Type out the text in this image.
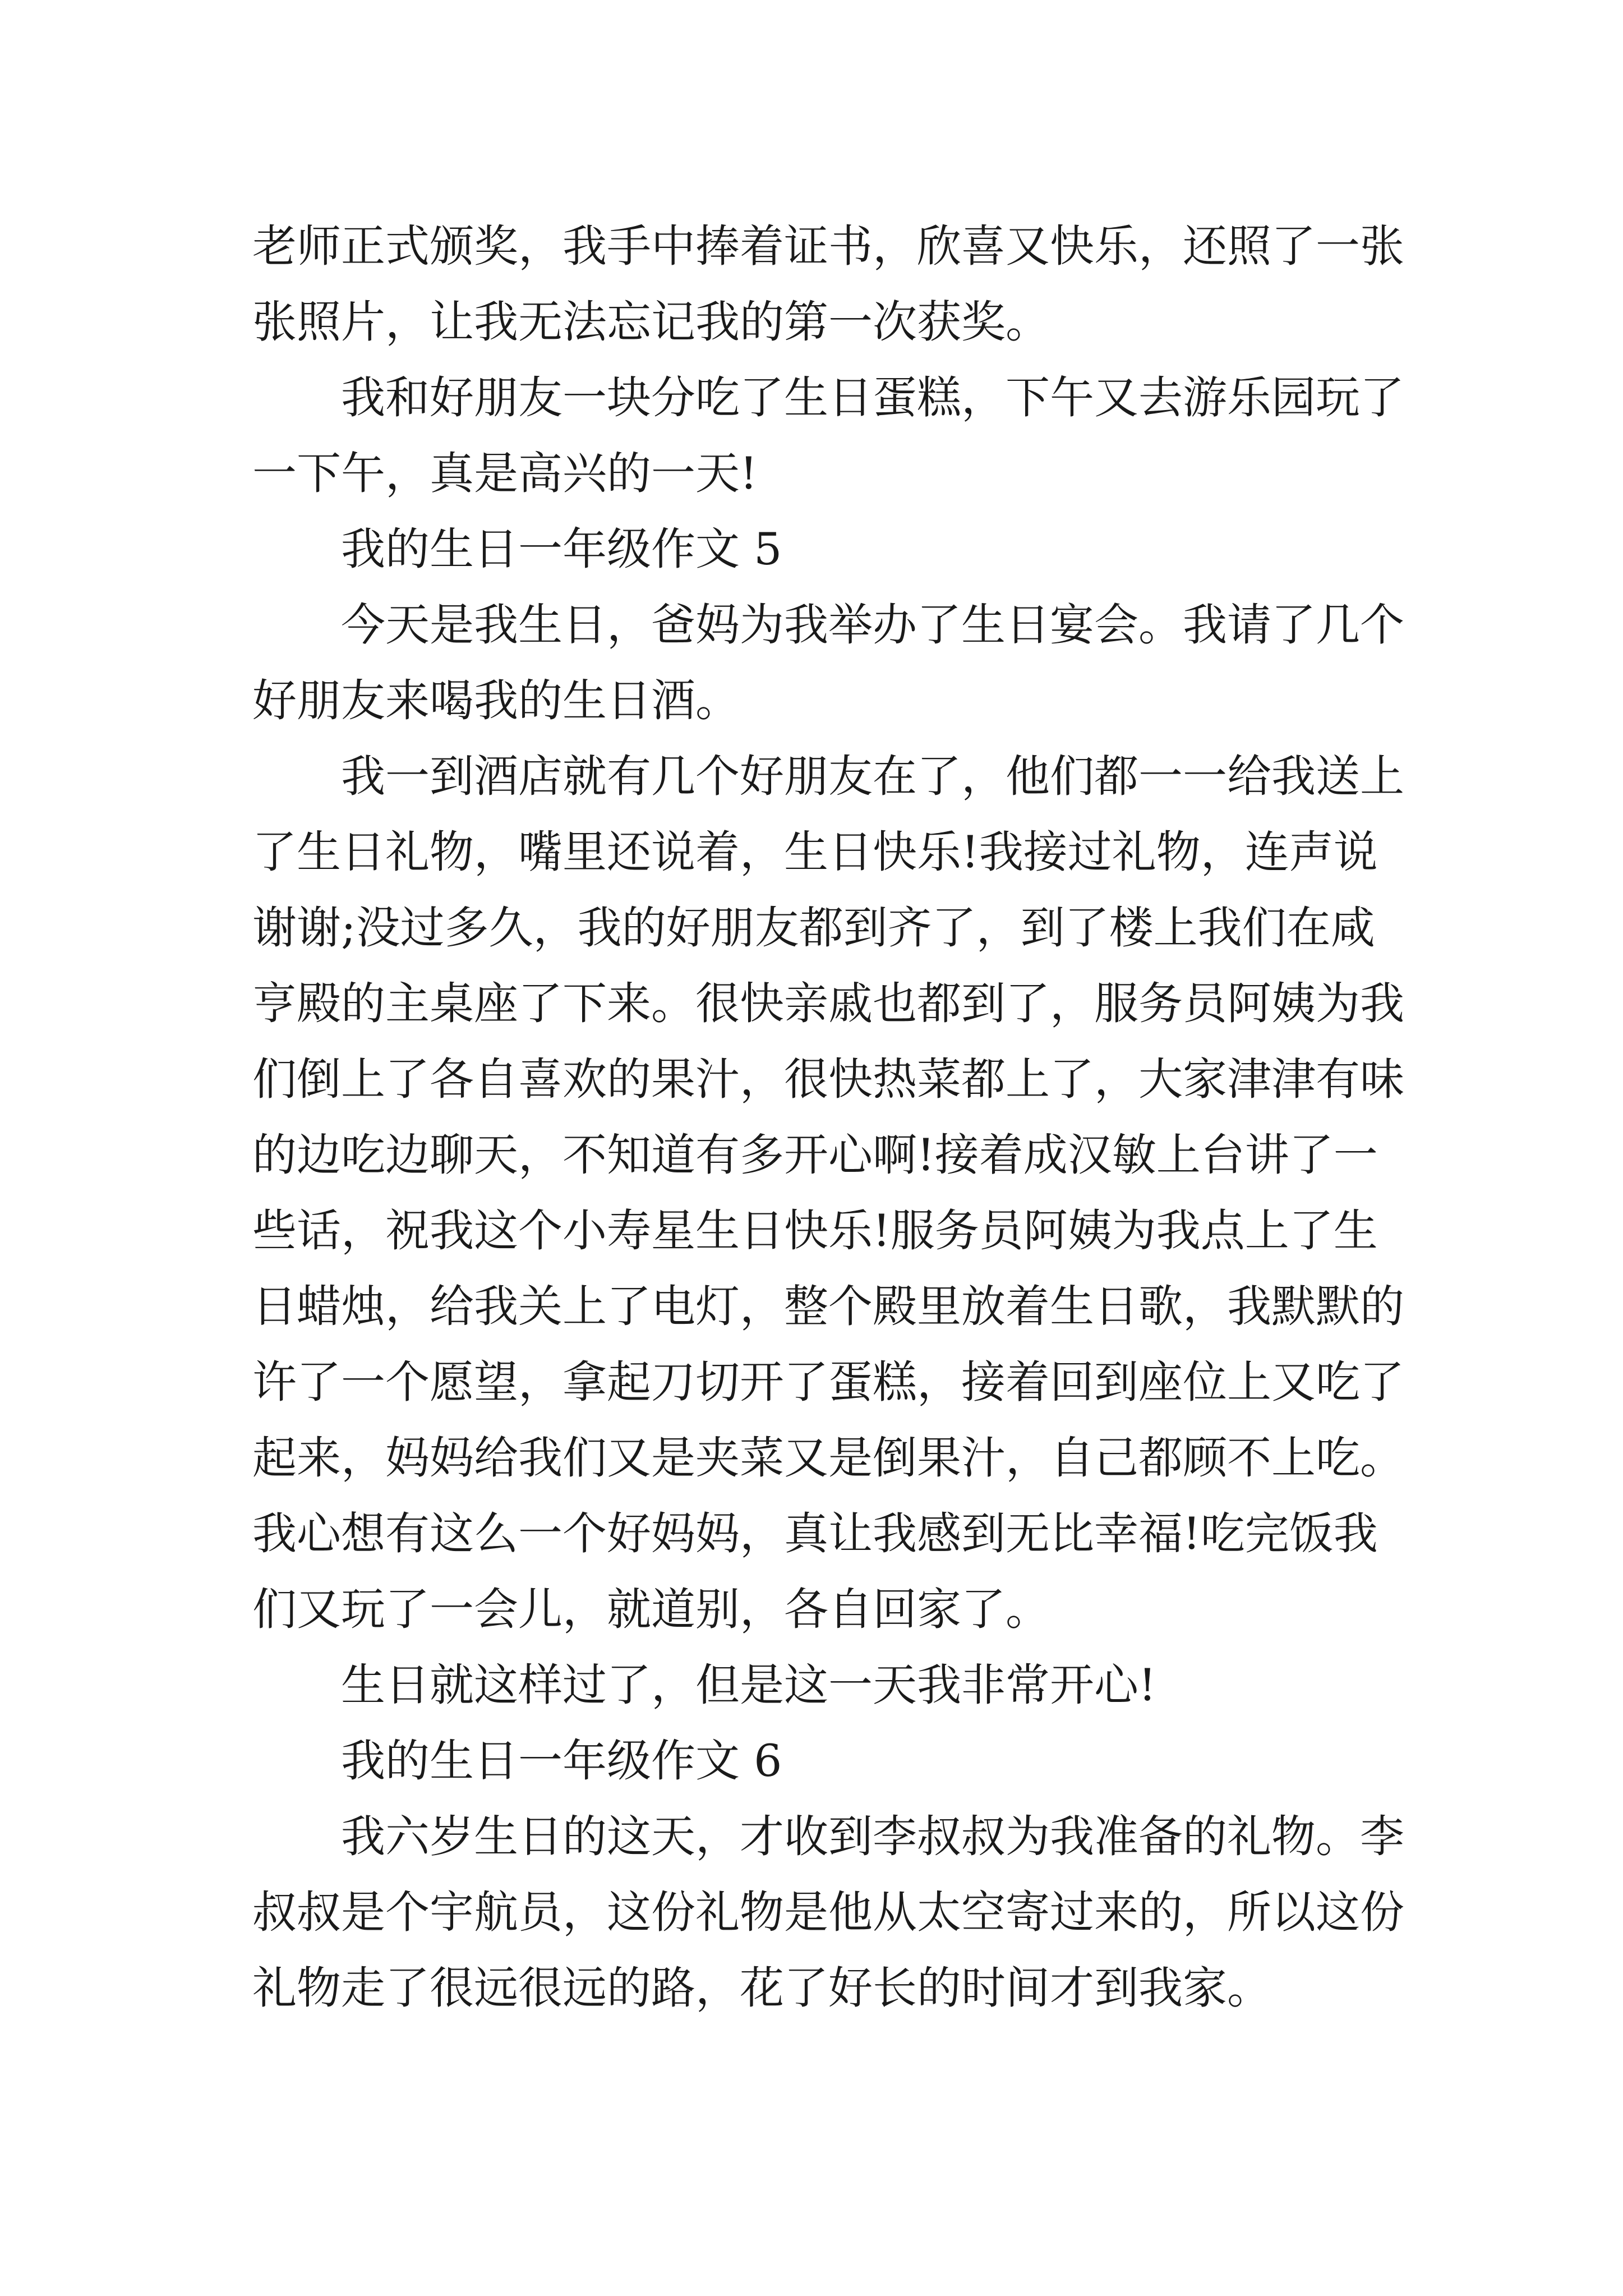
老师正式颁奖，我手中捧着证书，欣喜又快乐，还照了一张
张照片，让我无法忘记我的第一次获奖。
我和好朋友一块分吃了生日蛋糕，下午又去游乐园玩了
一下午，真是高兴的一天!
我的生日一年级作文 5
今天是我生日，爸妈为我举办了生日宴会。我请了几个
好朋友来喝我的生日酒。
我一到酒店就有几个好朋友在了，他们都一一给我送上
了生日礼物，嘴里还说着，生日快乐!我接过礼物，连声说
谢谢;没过多久，我的好朋友都到齐了，到了楼上我们在咸
亨殿的主桌座了下来。很快亲戚也都到了，服务员阿姨为我
们倒上了各自喜欢的果汁，很快热菜都上了，大家津津有味
的边吃边聊天，不知道有多开心啊!接着成汉敏上台讲了一
些话，祝我这个小寿星生日快乐!服务员阿姨为我点上了生
日蜡烛，给我关上了电灯，整个殿里放着生日歌，我默默的
许了一个愿望，拿起刀切开了蛋糕，接着回到座位上又吃了
起来，妈妈给我们又是夹菜又是倒果汁，自己都顾不上吃。
我心想有这么一个好妈妈，真让我感到无比幸福!吃完饭我
们又玩了一会儿，就道别，各自回家了。
生日就这样过了，但是这一天我非常开心!
我的生日一年级作文 6
我六岁生日的这天，才收到李叔叔为我准备的礼物。李
叔叔是个宇航员，这份礼物是他从太空寄过来的，所以这份
礼物走了很远很远的路，花了好长的时间才到我家。
